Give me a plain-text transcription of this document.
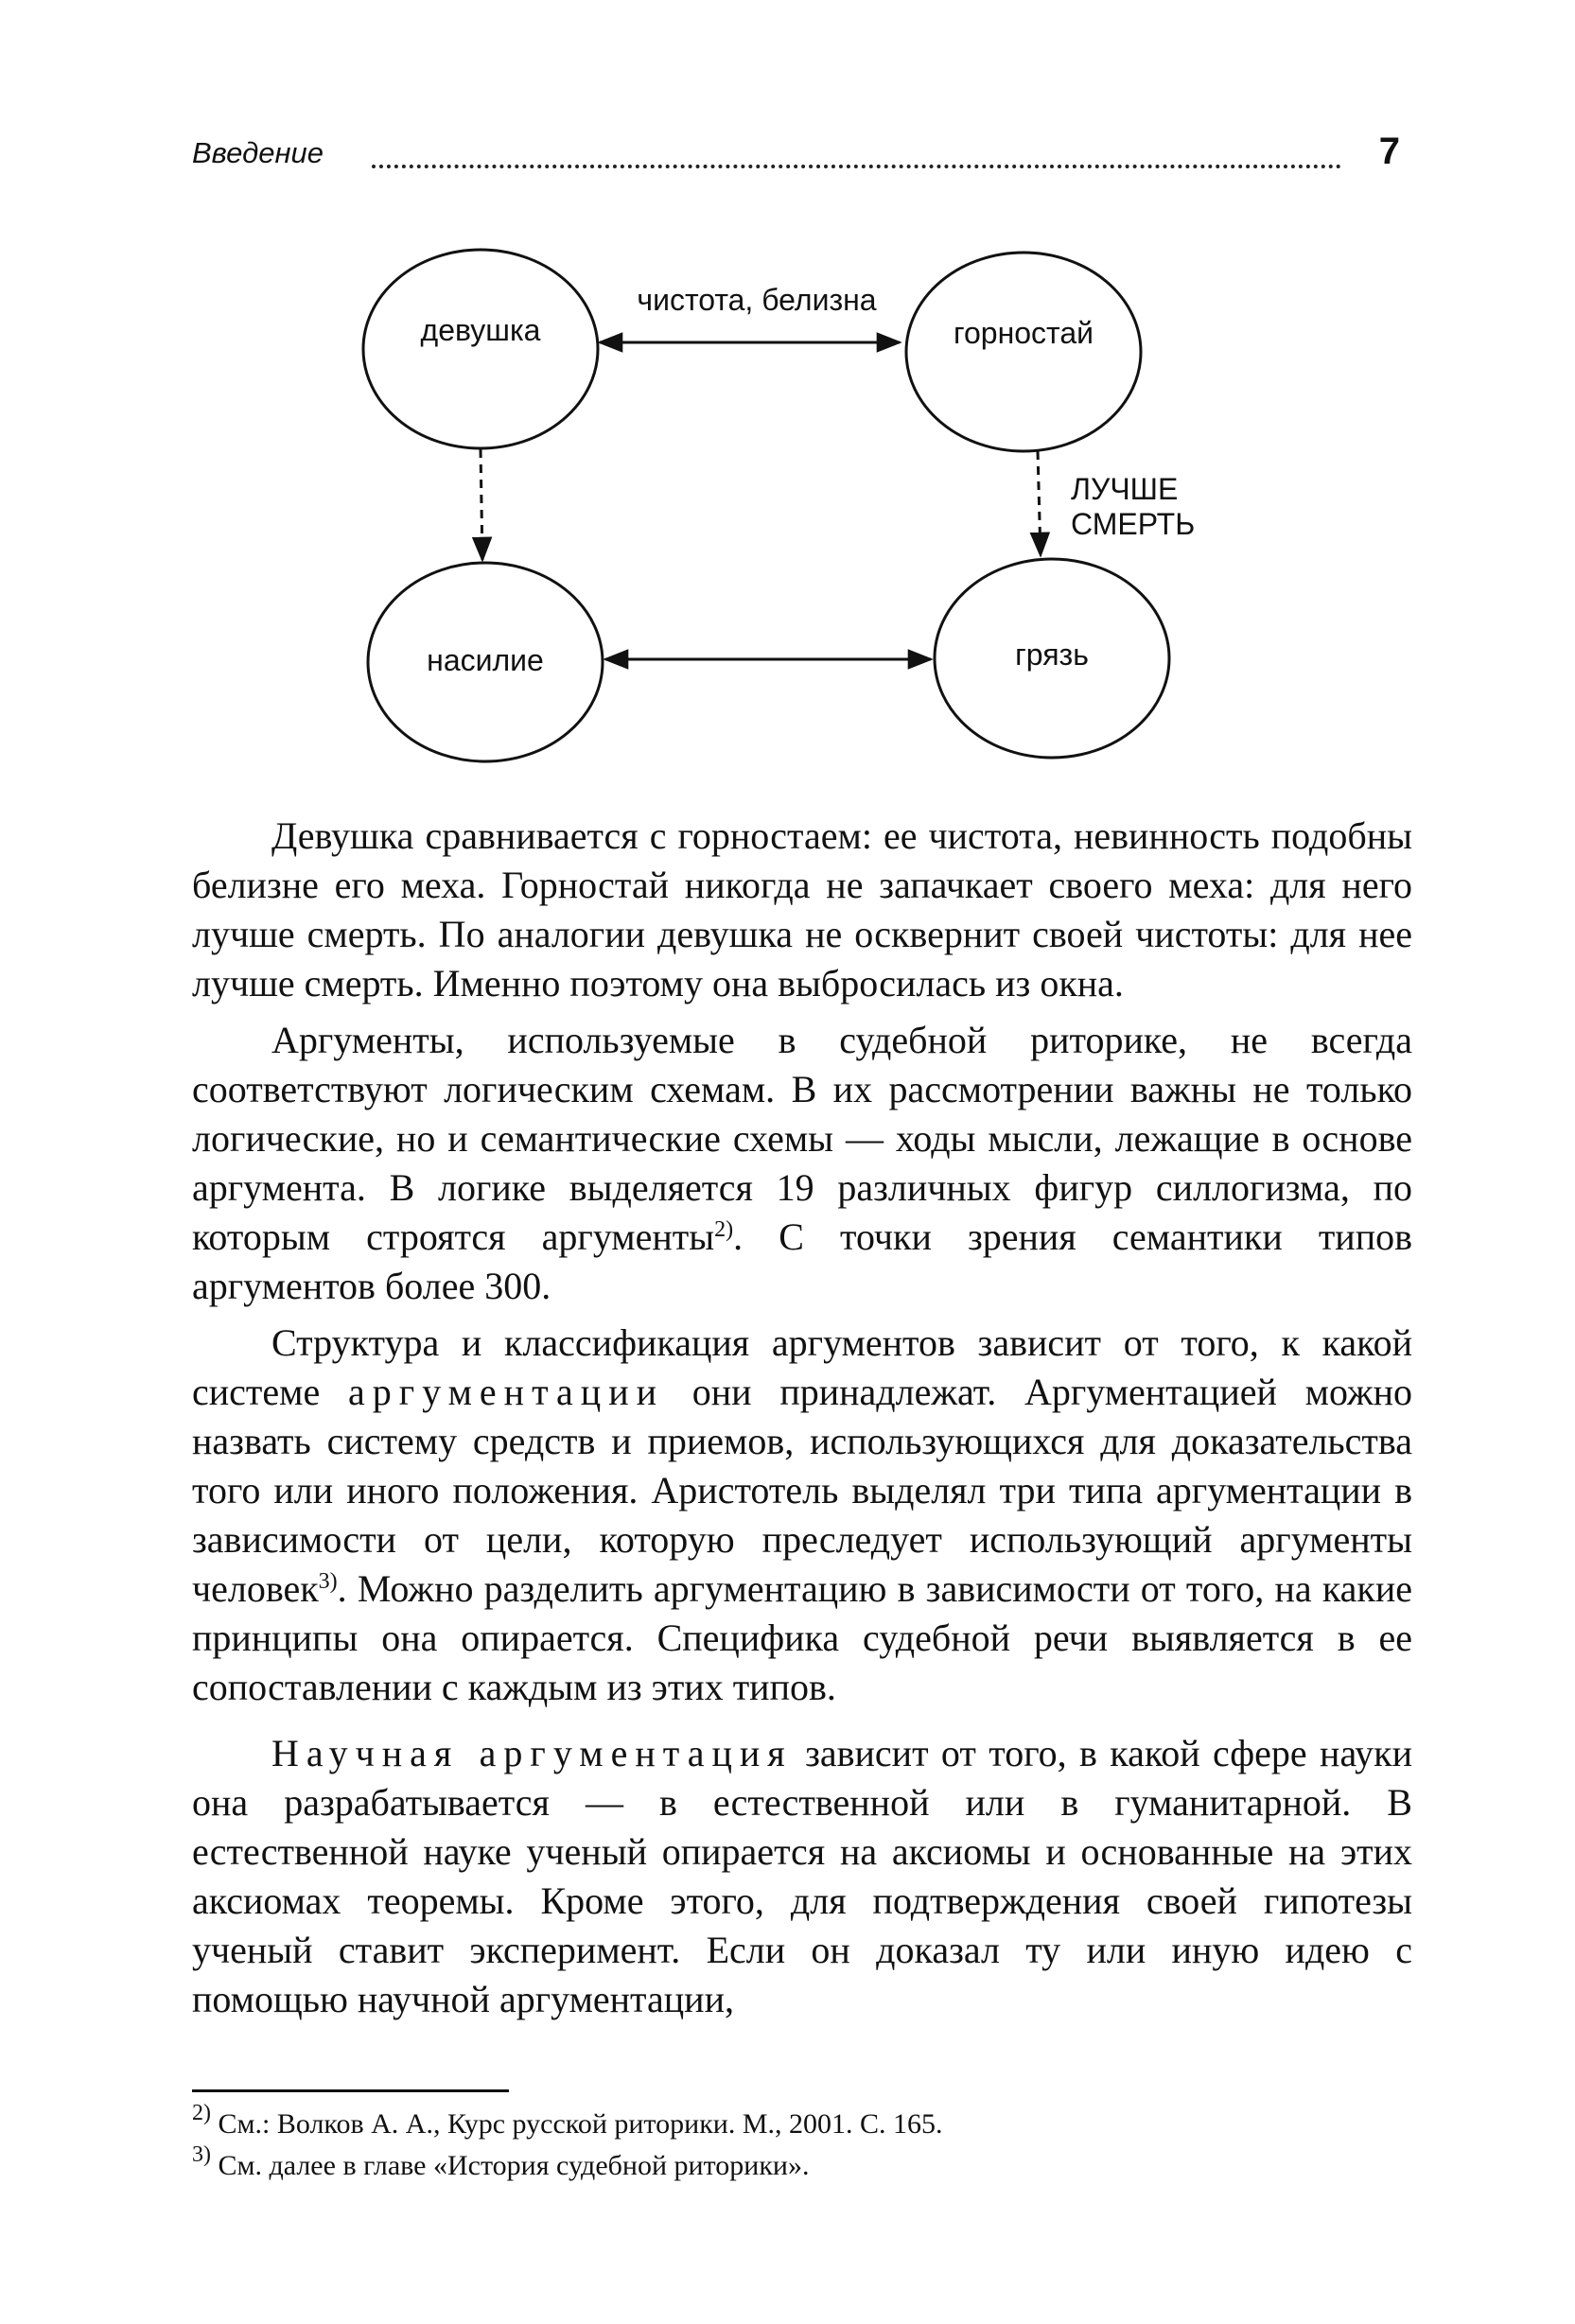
Введение	7
девушка	горностай
насилие	грязь
чистота, белизна
ЛУЧШЕ
СМЕРТЬ

Девушка сравнивается с горностаем: ее чистота, невинность подобны белизне его меха. Горностай никогда не запачкает своего меха: для него лучше смерть. По аналогии девушка не осквернит своей чистоты: для нее лучше смерть. Именно поэтому она выбросилась из окна.

Аргументы, используемые в судебной риторике, не всегда соответствуют логическим схемам. В их рассмотрении важны не только логические, но и семантические схемы — ходы мысли, лежащие в основе аргумента. В логике выделяется 19 различных фигур силлогизма, по которым строятся аргументы$^{2)}$. С точки зрения семантики типов аргументов более 300.

Структура и классификация аргументов зависит от того, к какой системе аргументации они принадлежат. Аргументацией можно назвать систему средств и приемов, использующихся для доказательства того или иного положения. Аристотель выделял три типа аргументации в зависимости от цели, которую преследует использующий аргументы человек$^{3)}$. Можно разделить аргументацию в зависимости от того, на какие принципы она опирается. Специфика судебной речи выявляется в ее сопоставлении с каждым из этих типов.

Научная аргументация зависит от того, в какой сфере науки она разрабатывается — в естественной или в гуманитарной. В естественной науке ученый опирается на аксиомы и основанные на этих аксиомах теоремы. Кроме этого, для подтверждения своей гипотезы ученый ставит эксперимент. Если он доказал ту или иную идею с помощью научной аргументации,

$^{2)}$ См.: Волков А. А., Курс русской риторики. М., 2001. С. 165.
$^{3)}$ См. далее в главе «История судебной риторики».
